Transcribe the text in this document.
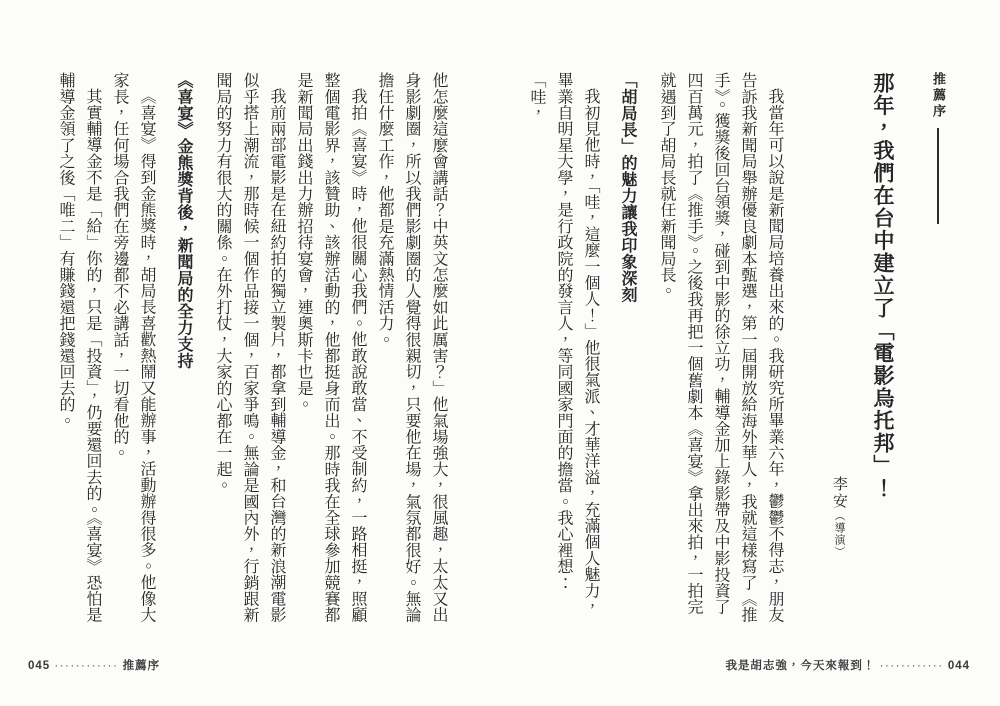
推薦序
那年，我們在台中建立了「電影烏托邦」！
李安（導演）

我當年可以說是新聞局培養出來的。我研究所畢業六年，鬱鬱不得志，朋友告訴我新聞局舉辦優良劇本甄選，第一屆開放給海外華人，我就這樣寫了《推手》。獲獎後回台領獎，碰到中影的徐立功，輔導金加上錄影帶及中影投資了四百萬元，拍了《推手》。之後我再把一個舊劇本《喜宴》拿出來拍，一拍完就遇到了胡局長就任新聞局長。

「胡局長」的魅力讓我印象深刻

我初見他時，「哇，這麼一個人！」他很氣派、才華洋溢，充滿個人魅力，畢業自明星大學，是行政院的發言人，等同國家門面的擔當。我心裡想：「哇，

他怎麼這麼會講話？中英文怎麼如此厲害？」他氣場強大，很風趣，太太又出身影劇圈，所以我們影劇圈的人覺得很親切，只要他在場，氣氛都很好。無論擔任什麼工作，他都是充滿熱情活力。

我拍《喜宴》時，他很關心我們。他敢說敢當、不受制約，一路相挺，照顧整個電影界，該贊助、該辦活動的，他都挺身而出。那時我在全球參加競賽都是新聞局出錢出力辦招待宴會，連奧斯卡也是。

我前兩部電影是在紐約拍的獨立製片，都拿到輔導金，和台灣的新浪潮電影似乎搭上潮流，那時候一個作品接一個，百家爭鳴。無論是國內外，行銷跟新聞局的努力有很大的關係。在外打仗，大家的心都在一起。

《喜宴》金熊獎背後，新聞局的全力支持

《喜宴》得到金熊獎時，胡局長喜歡熱鬧又能辦事，活動辦得很多。他像大家長，任何場合我們在旁邊都不必講話，一切看他的。

其實輔導金不是「給」你的，只是「投資」，仍要還回去的。《喜宴》恐怕是輔導金領了之後「唯二」有賺錢還把錢還回去的。

045 ············ 推薦序	我是胡志強，今天來報到！ ············ 044
